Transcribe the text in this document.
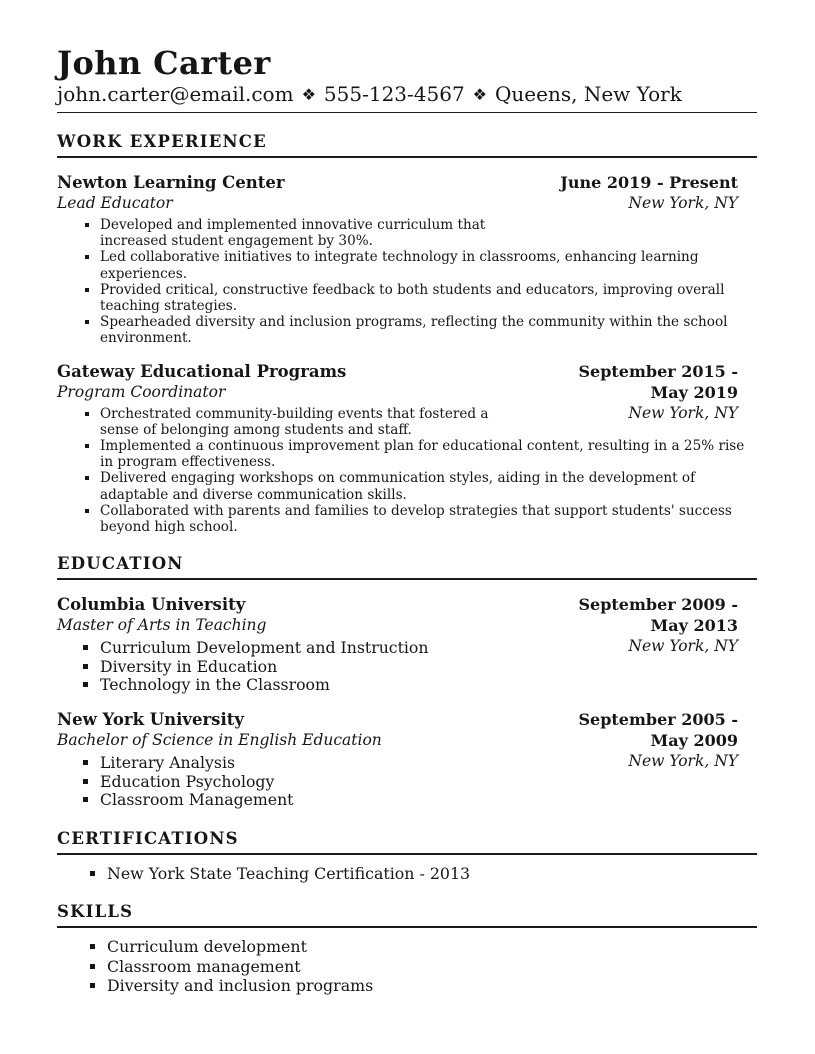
John Carter
john.carter@email.com ❖ 555-123-4567 ❖ Queens, New York
WORK EXPERIENCE
June 2019 - Present
New York, NY
Newton Learning Center
Lead Educator
▪ Developed and implemented innovative curriculum that increased student engagement by 30%.
▪ Led collaborative initiatives to integrate technology in classrooms, enhancing learning experiences.
▪ Provided critical, constructive feedback to both students and educators, improving overall teaching strategies.
▪ Spearheaded diversity and inclusion programs, reflecting the community within the school environment.
September 2015 -
May 2019
New York, NY
Gateway Educational Programs
Program Coordinator
▪ Orchestrated community-building events that fostered a sense of belonging among students and staff.
▪ Implemented a continuous improvement plan for educational content, resulting in a 25% rise in program effectiveness.
▪ Delivered engaging workshops on communication styles, aiding in the development of adaptable and diverse communication skills.
▪ Collaborated with parents and families to develop strategies that support students' success beyond high school.
EDUCATION
September 2009 -
May 2013
New York, NY
Columbia University
Master of Arts in Teaching
▪ Curriculum Development and Instruction
▪ Diversity in Education
▪ Technology in the Classroom
September 2005 -
May 2009
New York, NY
New York University
Bachelor of Science in English Education
▪ Literary Analysis
▪ Education Psychology
▪ Classroom Management
CERTIFICATIONS
▪ New York State Teaching Certification - 2013
SKILLS
▪ Curriculum development
▪ Classroom management
▪ Diversity and inclusion programs
